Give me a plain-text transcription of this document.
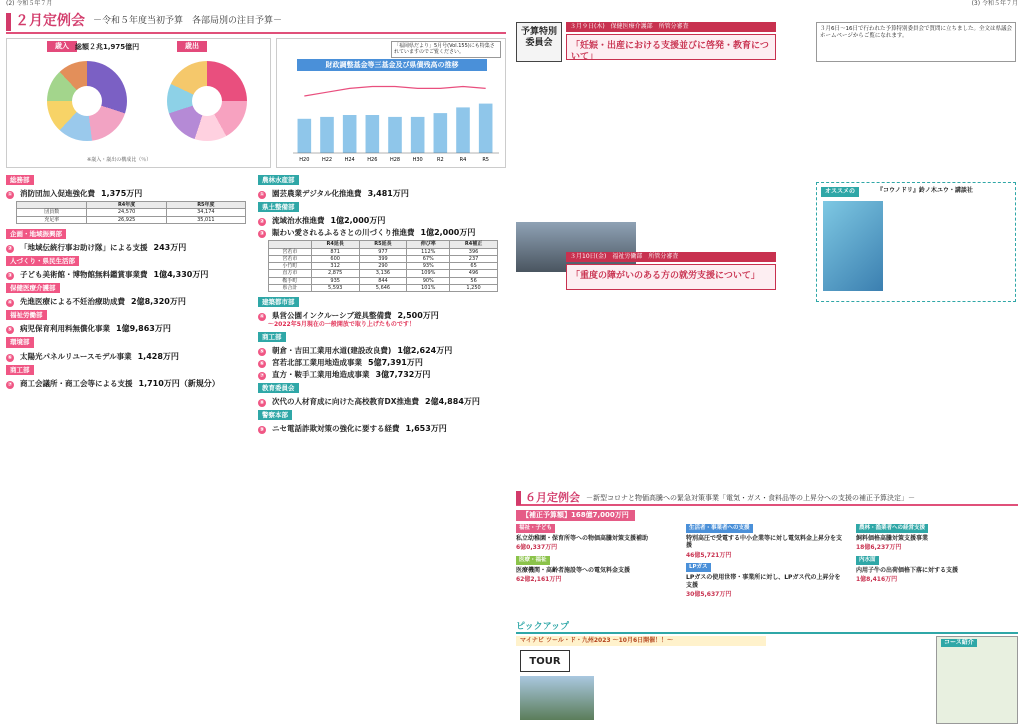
(2) 令和５年７月	(3) 令和５年７月
２月定例会 －令和５年度当初予算　各部局別の注目予算－
歳入 総額２兆1,975億円	歳出
※歳入・歳出の構成比（％）
「福岡県だより」5月号(Vol.155)にも特集されていますのでご覧ください。
財政調整基金等三基金及び県債残高の推移
H20	H22	H24	H26	H28	H30	R2	R4	R5
総務部
① 消防団加入促進強化費 1,375万円
	R4年度	R5年度
団員数	24,570	34,174
充足率	26,925	35,011
企画・地域振興部
② 「地域伝統行事お助け隊」による支援 243万円
人づくり・県民生活部
③ 子ども美術館・博物館無料鑑賞事業費 1億4,330万円
保健医療介護部
④ 先進医療による不妊治療助成費 2億8,320万円
福祉労働部
⑤ 病児保育利用料無償化事業 1億9,863万円
環境部
⑥ 太陽光パネルリユースモデル事業 1,428万円
商工部
⑦ 商工会議所・商工会等による支援 1,710万円（新規分）
農林水産部
① 園芸農業デジタル化推進費 3,481万円
県土整備部
② 流域治水推進費 1億2,000万円
③ 賑わい愛されるふるさとの川づくり推進費 1億2,000万円
	R4延長	R5延長	伸び率	R4補正
宮若市	871	977	112%	396
宮若市	600	399	67%	237
小竹町	312	290	93%	65
直方市	2,875	3,136	109%	496
鞍手町	935	844	90%	56
県合計	5,593	5,646	101%	1,250
建築都市部
④ 県営公園インクルーシブ遊具整備費 2,500万円
〜2022年5月現在の一般開放で取り上げたものです！
商工部
⑤ 朝倉・吉田工業用水道(建設改良費) 1億2,624万円
⑥ 宮若北部工業用地造成事業 5億7,391万円
⑦ 直方・鞍手工業用地造成事業 3億7,732万円
教育委員会
⑧ 次代の人材育成に向けた高校教育DX推進費 2億4,884万円
警察本部
⑨ ニセ電話詐欺対策の強化に要する経費 1,653万円
予算特別委員会
３月９日(木)　保健医療介護部　所管分審査
「妊娠・出産における支援並びに啓発・教育について」
３月6日～16日で行われた予算特別委員会で質問に立ちました。全文は県議会ホームページからご覧になれます。
３月10日(金)　福祉労働部　所管分審査
「重度の障がいのある方の就労支援について」
オススメの	『コウノドリ』鈴ノ木ユウ・講談社
６月定例会 －新型コロナと物価高騰への緊急対策事業「電気・ガス・食料品等の上昇分への支援の補正予算決定」－
【補正予算額】168億7,000万円
福祉・子ども
私立幼稚園・保育所等への物価高騰対策支援補助
6億0,337万円
医療・福祉
医療機関・高齢者施設等への電気料金支援
62億2,161万円
生活者・事業者への支援
特別高圧で受電する中小企業等に対し電気料金上昇分を支援
46億5,721万円
LPガス
LPガスの使用世帯・事業所に対し、LPガス代の上昇分を支援
30億5,637万円
農林・漁業者への経営支援
飼料価格高騰対策支援事業
18億6,237万円
内水面
内用子牛の出荷価格下落に対する支援
1億8,416万円
ピックアップ
マイナビ ツール・ド・九州2023 ～10月6日開催！！～
TOUR
コース紹介
